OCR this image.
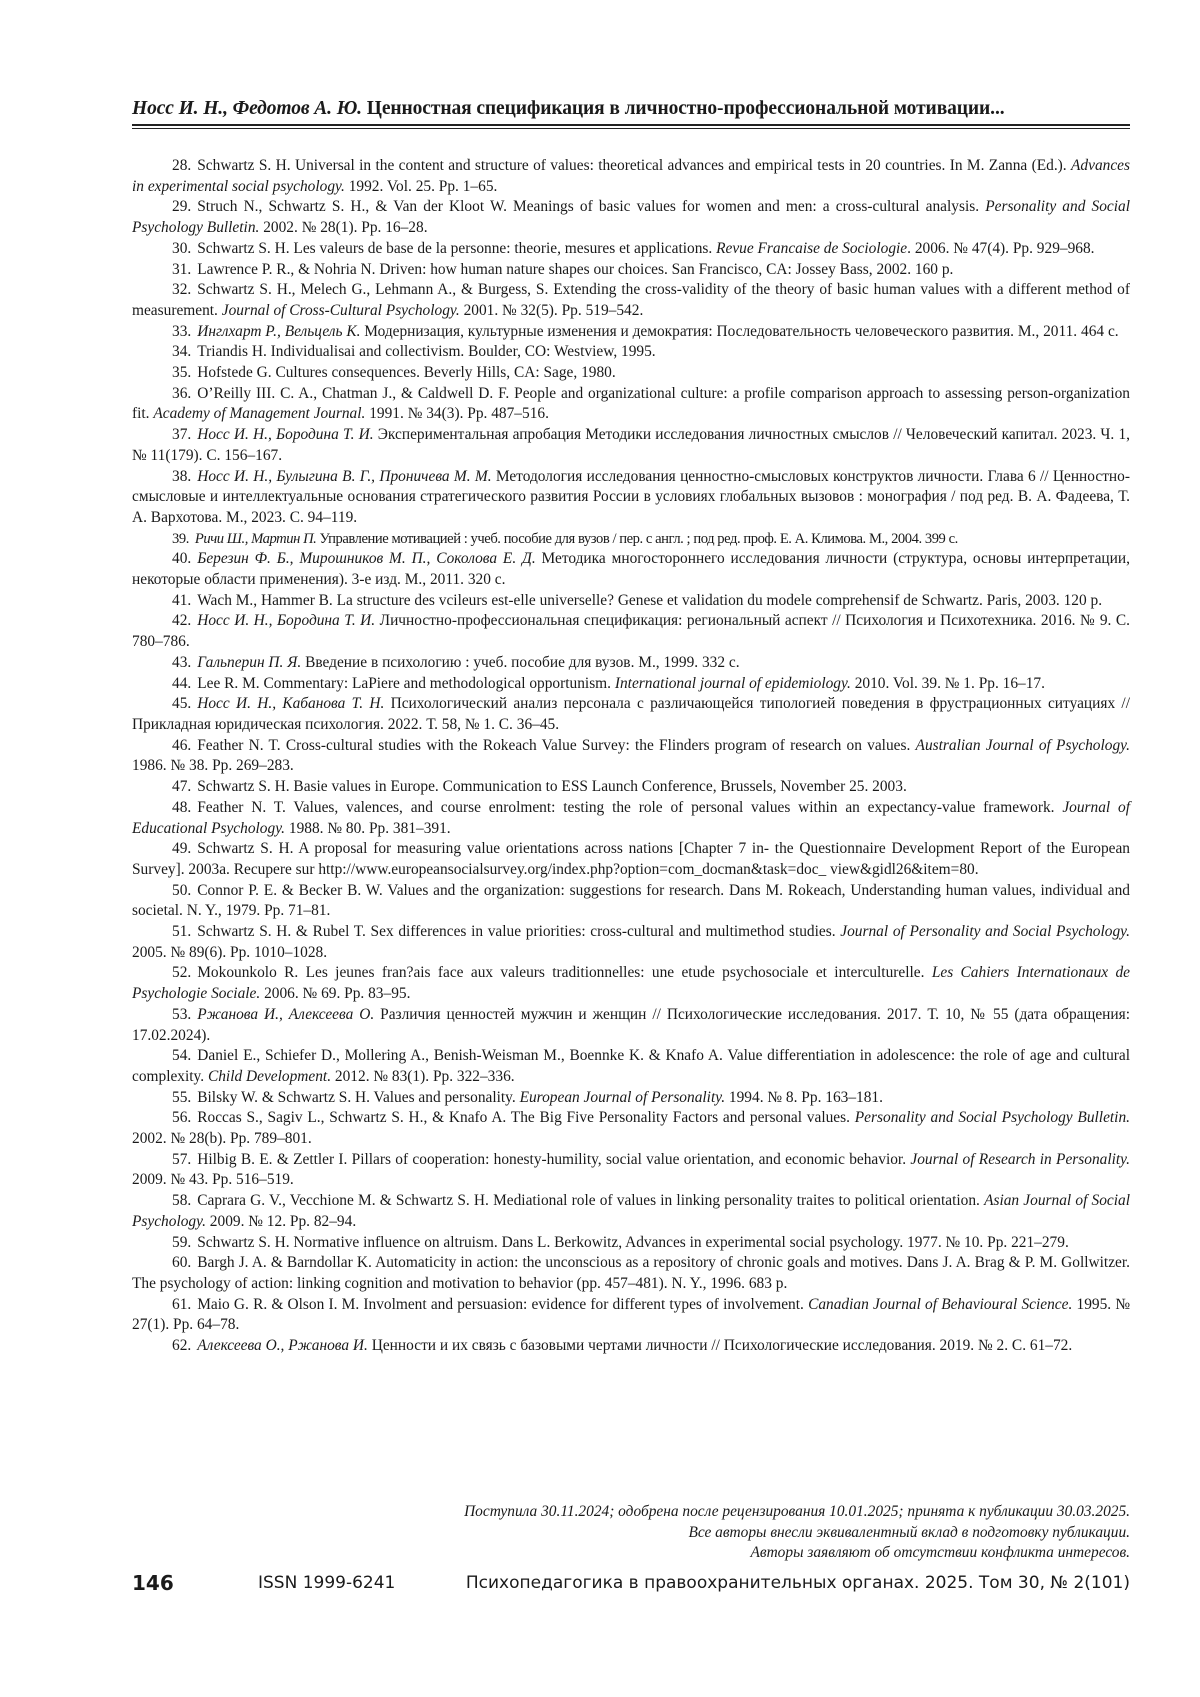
Носс И. Н., Федотов А. Ю. Ценностная спецификация в личностно-профессиональной мотивации...

28. Schwartz S. H. Universal in the content and structure of values: theoretical advances and empirical tests in 20 countries. In M. Zanna (Ed.). Advances in experimental social psychology. 1992. Vol. 25. Pp. 1–65.

29. Struch N., Schwartz S. H., & Van der Kloot W. Meanings of basic values for women and men: a cross-cultural analysis. Personality and Social Psychology Bulletin. 2002. № 28(1). Pp. 16–28.

30. Schwartz S. H. Les valeurs de base de la personne: theorie, mesures et applications. Revue Francaise de Sociologie. 2006. № 47(4). Pp. 929–968.

31. Lawrence P. R., & Nohria N. Driven: how human nature shapes our choices. San Francisco, CA: Jossey Bass, 2002. 160 p.

32. Schwartz S. H., Melech G., Lehmann A., & Burgess, S. Extending the cross-validity of the theory of basic human values with a different method of measurement. Journal of Cross-Cultural Psychology. 2001. № 32(5). Pp. 519–542.

33. Инглхарт Р., Вельцель К. Модернизация, культурные изменения и демократия: Последовательность человеческого развития. М., 2011. 464 с.

34. Triandis H. Individualisai and collectivism. Boulder, CO: Westview, 1995.

35. Hofstede G. Cultures consequences. Beverly Hills, CA: Sage, 1980.

36. O’Reilly III. C. A., Chatman J., & Caldwell D. F. People and organizational culture: a profile comparison approach to assessing person-organization fit. Academy of Management Journal. 1991. № 34(3). Pp. 487–516.

37. Носс И. Н., Бородина Т. И. Экспериментальная апробация Методики исследования личностных смыслов // Человеческий капитал. 2023. Ч. 1, № 11(179). С. 156–167.

38. Носс И. Н., Булыгина В. Г., Проничева М. М. Методология исследования ценностно-смысловых конструктов личности. Глава 6 // Ценностно-смысловые и интеллектуальные основания стратегического развития России в условиях глобальных вызовов : монография / под ред. В. А. Фадеева, Т. А. Вархотова. М., 2023. С. 94–119.

39. Ричи Ш., Мартин П. Управление мотивацией : учеб. пособие для вузов / пер. с англ. ; под ред. проф. Е. А. Климова. М., 2004. 399 с.

40. Березин Ф. Б., Мирошников М. П., Соколова Е. Д. Методика многостороннего исследования личности (структура, основы интерпретации, некоторые области применения). 3-е изд. М., 2011. 320 с.

41. Wach M., Hammer B. La structure des vcileurs est-elle universelle? Genese et validation du modele comprehensif de Schwartz. Paris, 2003. 120 p.

42. Носс И. Н., Бородина Т. И. Личностно-профессиональная спецификация: региональный аспект // Психология и Психотехника. 2016. № 9. С. 780–786.

43. Гальперин П. Я. Введение в психологию : учеб. пособие для вузов. М., 1999. 332 с.

44. Lee R. M. Commentary: LaPiere and methodological opportunism. International journal of epidemiology. 2010. Vol. 39. № 1. Pp. 16–17.

45. Носс И. Н., Кабанова Т. Н. Психологический анализ персонала с различающейся типологией поведения в фрустрационных ситуациях // Прикладная юридическая психология. 2022. Т. 58, № 1. С. 36–45.

46. Feather N. T. Cross-cultural studies with the Rokeach Value Survey: the Flinders program of research on values. Australian Journal of Psychology. 1986. № 38. Pp. 269–283.

47. Schwartz S. H. Basie values in Europe. Communication to ESS Launch Conference, Brussels, November 25. 2003.

48. Feather N. T. Values, valences, and course enrolment: testing the role of personal values within an expectancy-value framework. Journal of Educational Psychology. 1988. № 80. Pp. 381–391.

49. Schwartz S. H. A proposal for measuring value orientations across nations [Chapter 7 in- the Questionnaire Development Report of the European Survey]. 2003a. Recupere sur http://www.europeansocialsurvey.org/index.php?option=com_docman&task=doc_ view&gidl26&item=80.

50. Connor P. E. & Becker B. W. Values and the organization: suggestions for research. Dans M. Rokeach, Understanding human values, individual and societal. N. Y., 1979. Pp. 71–81.

51. Schwartz S. H. & Rubel T. Sex differences in value priorities: cross-cultural and multimethod studies. Journal of Personality and Social Psychology. 2005. № 89(6). Pp. 1010–1028.

52. Mokounkolo R. Les jeunes fran?ais face aux valeurs traditionnelles: une etude psychosociale et interculturelle. Les Cahiers Internationaux de Psychologie Sociale. 2006. № 69. Pp. 83–95.

53. Ржанова И., Алексеева О. Различия ценностей мужчин и женщин // Психологические исследования. 2017. Т. 10, № 55 (дата обращения: 17.02.2024).

54. Daniel E., Schiefer D., Mollering A., Benish-Weisman M., Boennke K. & Knafo A. Value differentiation in adolescence: the role of age and cultural complexity. Child Development. 2012. № 83(1). Pp. 322–336.

55. Bilsky W. & Schwartz S. H. Values and personality. European Journal of Personality. 1994. № 8. Pp. 163–181.

56. Roccas S., Sagiv L., Schwartz S. H., & Knafo A. The Big Five Personality Factors and personal values. Personality and Social Psychology Bulletin. 2002. № 28(b). Pp. 789–801.

57. Hilbig B. E. & Zettler I. Pillars of cooperation: honesty-humility, social value orientation, and economic behavior. Journal of Research in Personality. 2009. № 43. Pp. 516–519.

58. Caprara G. V., Vecchione M. & Schwartz S. H. Mediational role of values in linking personality traites to political orientation. Asian Journal of Social Psychology. 2009. № 12. Pp. 82–94.

59. Schwartz S. H. Normative influence on altruism. Dans L. Berkowitz, Advances in experimental social psychology. 1977. № 10. Pp. 221–279.

60. Bargh J. A. & Barndollar K. Automaticity in action: the unconscious as a repository of chronic goals and motives. Dans J. A. Brag & P. M. Gollwitzer. The psychology of action: linking cognition and motivation to behavior (pp. 457–481). N. Y., 1996. 683 p.

61. Maio G. R. & Olson I. M. Involment and persuasion: evidence for different types of involvement. Canadian Journal of Behavioural Science. 1995. № 27(1). Pp. 64–78.

62. Алексеева О., Ржанова И. Ценности и их связь с базовыми чертами личности // Психологические исследования. 2019. № 2. С. 61–72.

Поступила 30.11.2024; одобрена после рецензирования 10.01.2025; принята к публикации 30.03.2025.
Все авторы внесли эквивалентный вклад в подготовку публикации.
Авторы заявляют об отсутствии конфликта интересов.
146	ISSN 1999-6241	Психопедагогика в правоохранительных органах. 2025. Том 30, № 2(101)
